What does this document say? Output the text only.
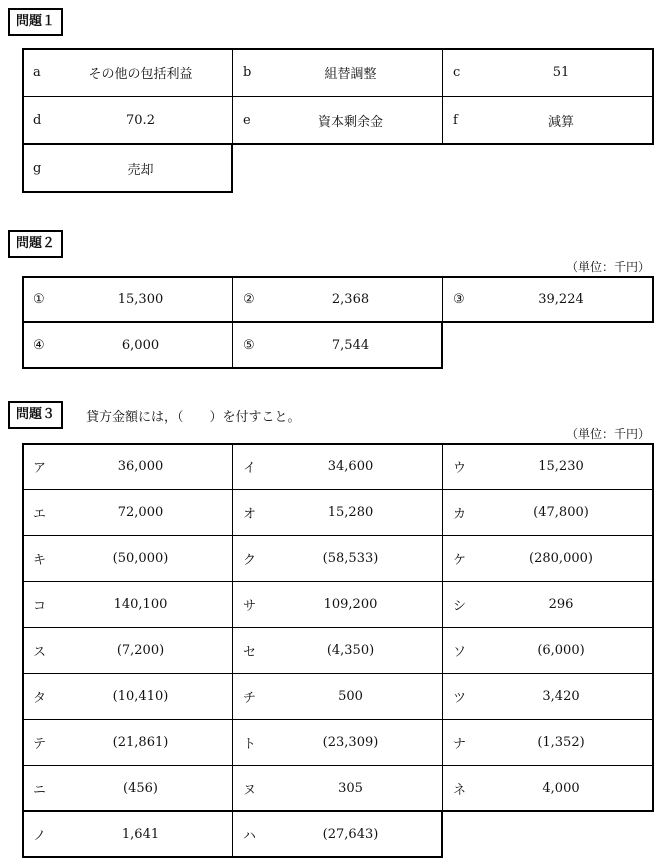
問題１
問題２
（単位：千円）
問題３	貸方金額には，（　　）を付すこと。
（単位：千円）
a	その他の包括利益	b	組替調整	c	51
d	70.2	e	資本剰余金	f	減算
g	売却
①	15,300	②	2,368	③	39,224
④	6,000	⑤	7,544
ア	36,000	イ	34,600	ウ	15,230
エ	72,000	オ	15,280	カ	(47,800)
キ	(50,000)	ク	(58,533)	ケ	(280,000)
コ	140,100	サ	109,200	シ	296
ス	(7,200)	セ	(4,350)	ソ	(6,000)
タ	(10,410)	チ	500	ツ	3,420
テ	(21,861)	ト	(23,309)	ナ	(1,352)
ニ	(456)	ヌ	305	ネ	4,000
ノ	1,641	ハ	(27,643)
